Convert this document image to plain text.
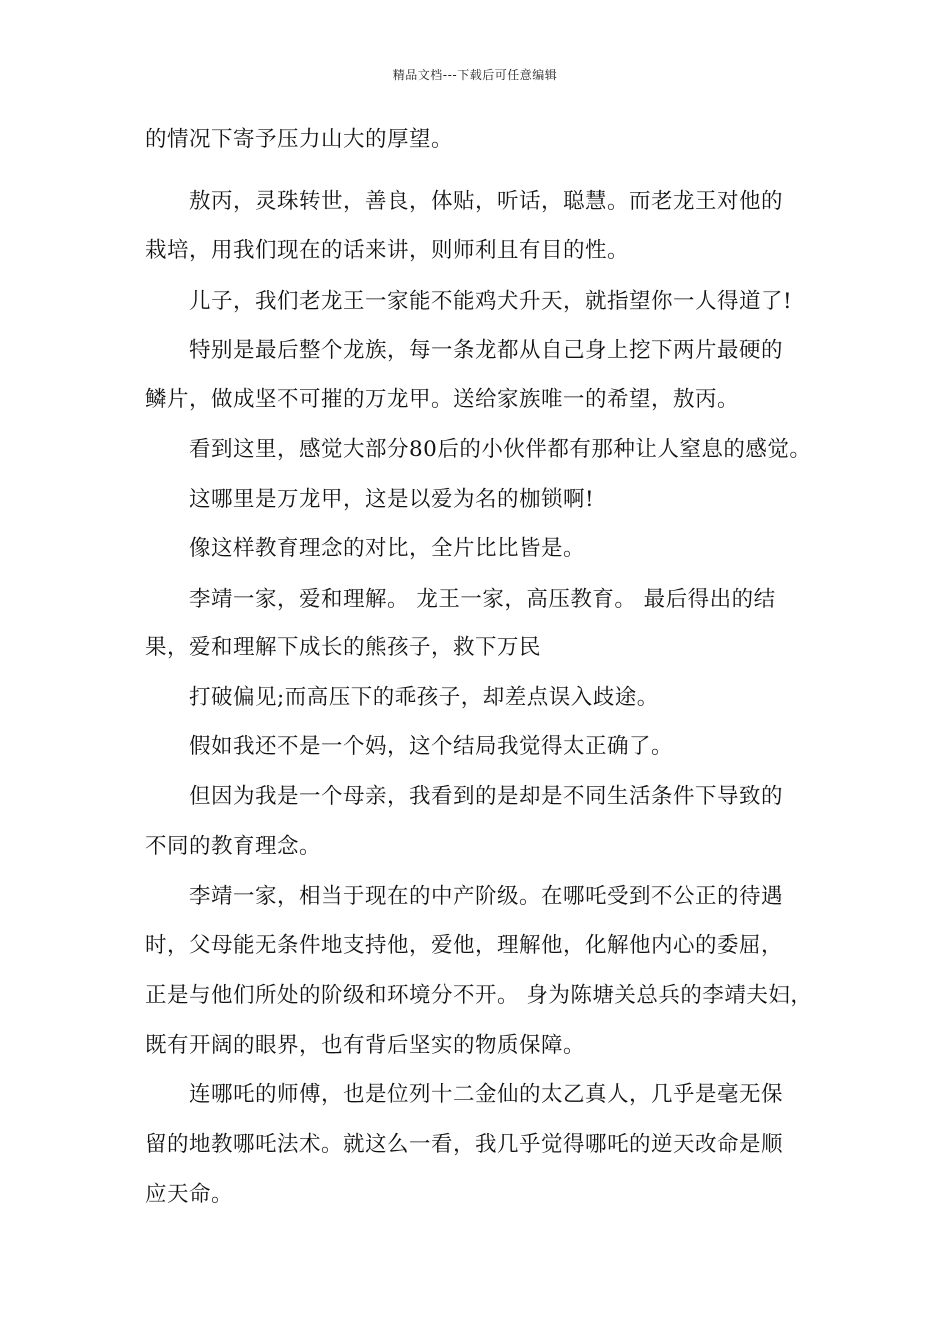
精品文档---下载后可任意编辑
的情况下寄予压力山大的厚望。
敖丙，灵珠转世，善良，体贴，听话，聪慧。而老龙王对他的
栽培，用我们现在的话来讲，则师利且有目的性。
儿子，我们老龙王一家能不能鸡犬升天，就指望你一人得道了!
特别是最后整个龙族，每一条龙都从自己身上挖下两片最硬的
鳞片，做成坚不可摧的万龙甲。送给家族唯一的希望，敖丙。
看到这里，感觉大部分80后的小伙伴都有那种让人窒息的感觉。
这哪里是万龙甲，这是以爱为名的枷锁啊!
像这样教育理念的对比，全片比比皆是。
李靖一家，爱和理解。 龙王一家，高压教育。 最后得出的结
果，爱和理解下成长的熊孩子，救下万民
打破偏见;而高压下的乖孩子，却差点误入歧途。
假如我还不是一个妈，这个结局我觉得太正确了。
但因为我是一个母亲，我看到的是却是不同生活条件下导致的
不同的教育理念。
李靖一家，相当于现在的中产阶级。在哪吒受到不公正的待遇
时，父母能无条件地支持他，爱他，理解他，化解他内心的委屈，
正是与他们所处的阶级和环境分不开。 身为陈塘关总兵的李靖夫妇，
既有开阔的眼界，也有背后坚实的物质保障。
连哪吒的师傅，也是位列十二金仙的太乙真人，几乎是毫无保
留的地教哪吒法术。就这么一看，我几乎觉得哪吒的逆天改命是顺
应天命。
